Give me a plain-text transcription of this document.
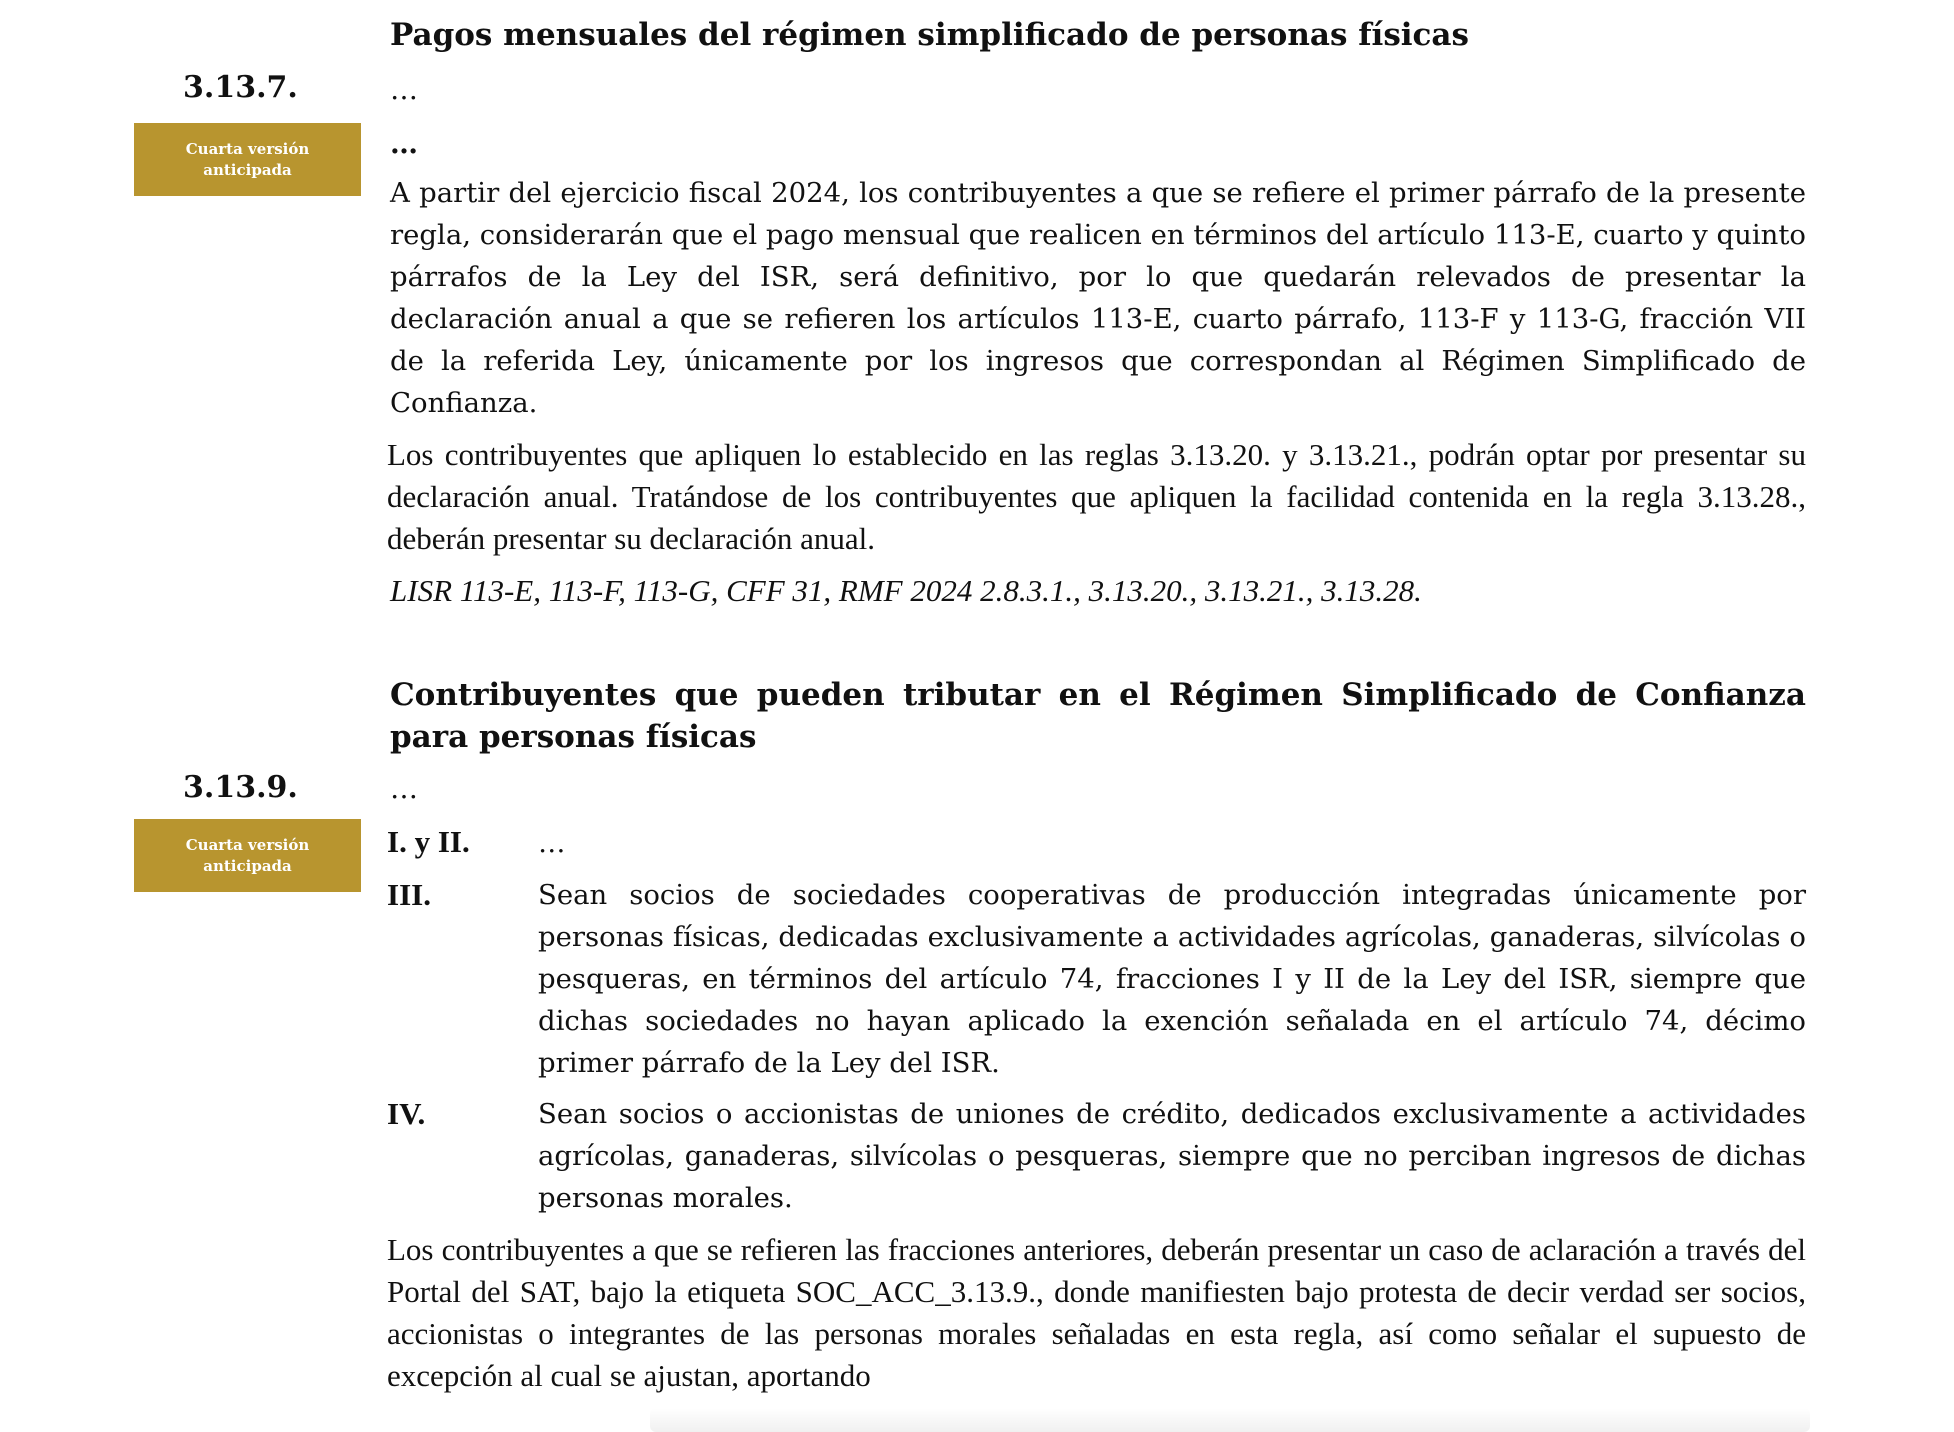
Pagos mensuales del régimen simplificado de personas físicas
3.13.7.	…
Cuarta versión
anticipada
…

A partir del ejercicio fiscal 2024, los contribuyentes a que se refiere el primer párrafo de la presente regla, considerarán que el pago mensual que realicen en términos del artículo 113-E, cuarto y quinto párrafos de la Ley del ISR, será definitivo, por lo que quedarán relevados de presentar la declaración anual a que se refieren los artículos 113-E, cuarto párrafo, 113-F y 113-G, fracción VII de la referida Ley, únicamente por los ingresos que correspondan al Régimen Simplificado de Confianza.

Los contribuyentes que apliquen lo establecido en las reglas 3.13.20. y 3.13.21., podrán optar por presentar su declaración anual. Tratándose de los contribuyentes que apliquen la facilidad contenida en la regla 3.13.28., deberán presentar su declaración anual.

LISR 113-E, 113-F, 113-G, CFF 31, RMF 2024 2.8.3.1., 3.13.20., 3.13.21., 3.13.28.
Contribuyentes que pueden tributar en el Régimen Simplificado de Confianza para personas físicas
3.13.9.	…
Cuarta versión
anticipada
I. y II. …
III.	Sean socios de sociedades cooperativas de producción integradas únicamente por personas físicas, dedicadas exclusivamente a actividades agrícolas, ganaderas, silvícolas o pesqueras, en términos del artículo 74, fracciones I y II de la Ley del ISR, siempre que dichas sociedades no hayan aplicado la exención señalada en el artículo 74, décimo primer párrafo de la Ley del ISR.

IV.	Sean socios o accionistas de uniones de crédito, dedicados exclusivamente a actividades agrícolas, ganaderas, silvícolas o pesqueras, siempre que no perciban ingresos de dichas personas morales.

Los contribuyentes a que se refieren las fracciones anteriores, deberán presentar un caso de aclaración a través del Portal del SAT, bajo la etiqueta SOC_ACC_3.13.9., donde manifiesten bajo protesta de decir verdad ser socios, accionistas o integrantes de las personas morales señaladas en esta regla, así como señalar el supuesto de excepción al cual se ajustan, aportando
